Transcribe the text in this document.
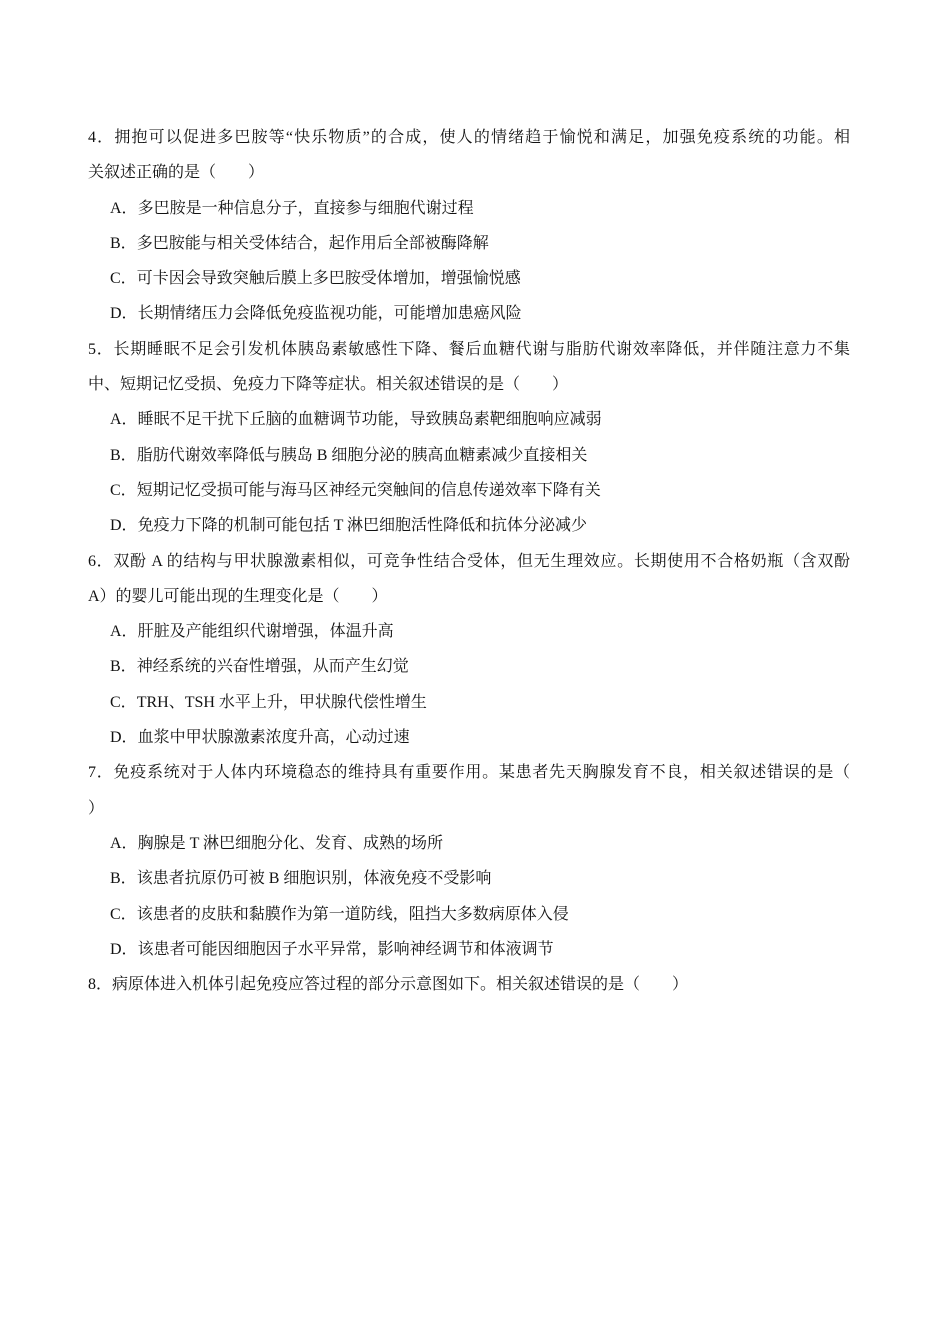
4．拥抱可以促进多巴胺等“快乐物质”的合成，使人的情绪趋于愉悦和满足，加强免疫系统的功能。相
关叙述正确的是（　　）
A．多巴胺是一种信息分子，直接参与细胞代谢过程
B．多巴胺能与相关受体结合，起作用后全部被酶降解
C．可卡因会导致突触后膜上多巴胺受体增加，增强愉悦感
D．长期情绪压力会降低免疫监视功能，可能增加患癌风险
5．长期睡眠不足会引发机体胰岛素敏感性下降、餐后血糖代谢与脂肪代谢效率降低，并伴随注意力不集
中、短期记忆受损、免疫力下降等症状。相关叙述错误的是（　　）
A．睡眠不足干扰下丘脑的血糖调节功能，导致胰岛素靶细胞响应减弱
B．脂肪代谢效率降低与胰岛 B 细胞分泌的胰高血糖素减少直接相关
C．短期记忆受损可能与海马区神经元突触间的信息传递效率下降有关
D．免疫力下降的机制可能包括 T 淋巴细胞活性降低和抗体分泌减少
6．双酚 A 的结构与甲状腺激素相似，可竞争性结合受体，但无生理效应。长期使用不合格奶瓶（含双酚
A）的婴儿可能出现的生理变化是（　　）
A．肝脏及产能组织代谢增强，体温升高
B．神经系统的兴奋性增强，从而产生幻觉
C．TRH、TSH 水平上升，甲状腺代偿性增生
D．血浆中甲状腺激素浓度升高，心动过速
7．免疫系统对于人体内环境稳态的维持具有重要作用。某患者先天胸腺发育不良，相关叙述错误的是（
）
A．胸腺是 T 淋巴细胞分化、发育、成熟的场所
B．该患者抗原仍可被 B 细胞识别，体液免疫不受影响
C．该患者的皮肤和黏膜作为第一道防线，阻挡大多数病原体入侵
D．该患者可能因细胞因子水平异常，影响神经调节和体液调节
8．病原体进入机体引起免疫应答过程的部分示意图如下。相关叙述错误的是（　　）
